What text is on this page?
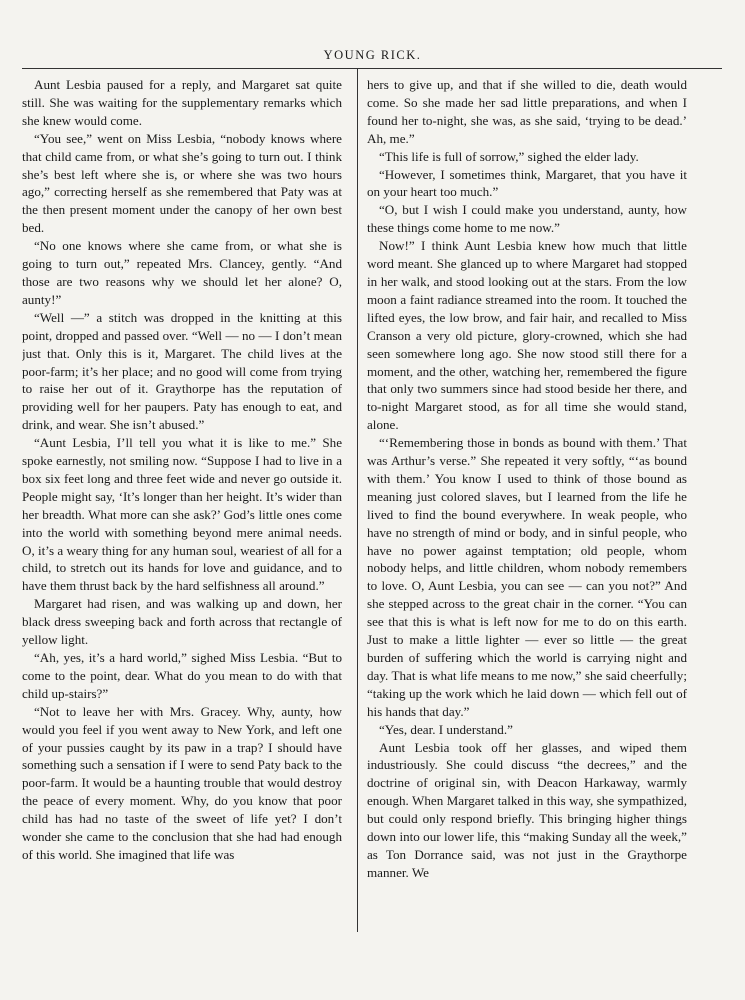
YOUNG RICK.

Aunt Lesbia paused for a reply, and Margaret sat quite still. She was waiting for the supplementary remarks which she knew would come.

“You see,” went on Miss Lesbia, “nobody knows where that child came from, or what she’s going to turn out. I think she’s best left where she is, or where she was two hours ago,” correcting herself as she remembered that Paty was at the then present moment under the canopy of her own best bed.

“No one knows where she came from, or what she is going to turn out,” repeated Mrs. Clancey, gently. “And those are two reasons why we should let her alone? O, aunty!”

“Well —” a stitch was dropped in the knitting at this point, dropped and passed over. “Well — no — I don’t mean just that. Only this is it, Margaret. The child lives at the poor-farm; it’s her place; and no good will come from trying to raise her out of it. Graythorpe has the reputation of providing well for her paupers. Paty has enough to eat, and drink, and wear. She isn’t abused.”

“Aunt Lesbia, I’ll tell you what it is like to me.” She spoke earnestly, not smiling now. “Suppose I had to live in a box six feet long and three feet wide and never go outside it. People might say, ‘It’s longer than her height. It’s wider than her breadth. What more can she ask?’ God’s little ones come into the world with something beyond mere animal needs. O, it’s a weary thing for any human soul, weariest of all for a child, to stretch out its hands for love and guidance, and to have them thrust back by the hard selfishness all around.”

Margaret had risen, and was walking up and down, her black dress sweeping back and forth across that rectangle of yellow light.

“Ah, yes, it’s a hard world,” sighed Miss Lesbia. “But to come to the point, dear. What do you mean to do with that child up-stairs?”

“Not to leave her with Mrs. Gracey. Why, aunty, how would you feel if you went away to New York, and left one of your pussies caught by its paw in a trap? I should have something such a sensation if I were to send Paty back to the poor-farm. It would be a haunting trouble that would destroy the peace of every moment. Why, do you know that poor child has had no taste of the sweet of life yet? I don’t wonder she came to the conclusion that she had had enough of this world. She imagined that life was

hers to give up, and that if she willed to die, death would come. So she made her sad little preparations, and when I found her to-night, she was, as she said, ‘trying to be dead.’ Ah, me.”

“This life is full of sorrow,” sighed the elder lady.

“However, I sometimes think, Margaret, that you have it on your heart too much.”

“O, but I wish I could make you understand, aunty, how these things come home to me now.”

Now!” I think Aunt Lesbia knew how much that little word meant. She glanced up to where Margaret had stopped in her walk, and stood looking out at the stars. From the low moon a faint radiance streamed into the room. It touched the lifted eyes, the low brow, and fair hair, and recalled to Miss Cranson a very old picture, glory-crowned, which she had seen somewhere long ago. She now stood still there for a moment, and the other, watching her, remembered the figure that only two summers since had stood beside her there, and to-night Margaret stood, as for all time she would stand, alone.

“‘Remembering those in bonds as bound with them.’ That was Arthur’s verse.” She repeated it very softly, “‘as bound with them.’ You know I used to think of those bound as meaning just colored slaves, but I learned from the life he lived to find the bound everywhere. In weak people, who have no strength of mind or body, and in sinful people, who have no power against temptation; old people, whom nobody helps, and little children, whom nobody remembers to love. O, Aunt Lesbia, you can see — can you not?” And she stepped across to the great chair in the corner. “You can see that this is what is left now for me to do on this earth. Just to make a little lighter — ever so little — the great burden of suffering which the world is carrying night and day. That is what life means to me now,” she said cheerfully; “taking up the work which he laid down — which fell out of his hands that day.”

“Yes, dear. I understand.”

Aunt Lesbia took off her glasses, and wiped them industriously. She could discuss “the decrees,” and the doctrine of original sin, with Deacon Harkaway, warmly enough. When Margaret talked in this way, she sympathized, but could only respond briefly. This bringing higher things down into our lower life, this “making Sunday all the week,” as Ton Dorrance said, was not just in the Graythorpe manner. We
